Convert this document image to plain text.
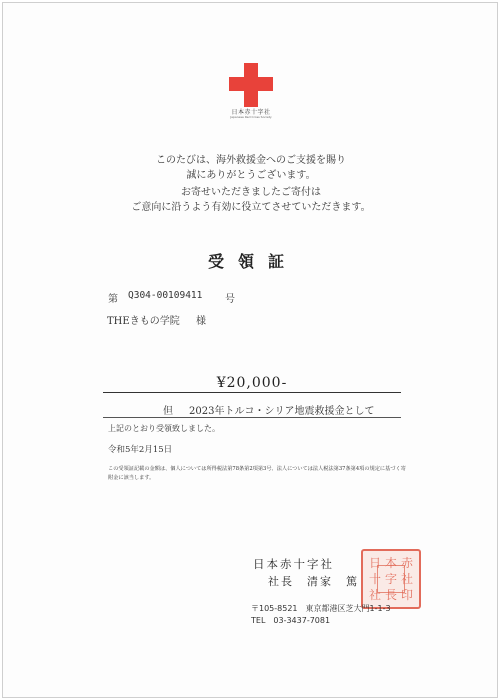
日本赤十字社
Japanese Red Cross Society
このたびは、海外救援金へのご支援を賜り
誠にありがとうございます。
お寄せいただきましたご寄付は
ご意向に沿うよう有効に役立てさせていただきます。
受領証
第 Q304-00109411 号
THEきもの学院 様
¥20,000-
但 2023年トルコ・シリア地震救援金として
上記のとおり受領致しました。
令和5年2月15日
この受領証記載の金額は、個人については所得税法第78条第2項第3号、法人については法人税法第37条第4項の規定に基づく寄附金に該当します。
日本赤十字社
社長　清家　篤
日 本 赤
十 字 社
社 長 印
〒105-8521　東京都港区芝大門1-1-3
TEL　03-3437-7081
